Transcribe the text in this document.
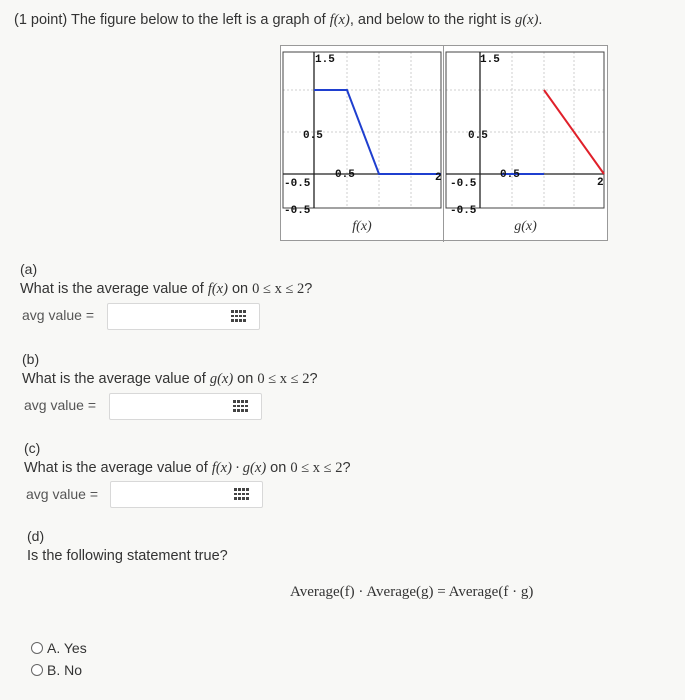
(1 point) The figure below to the left is a graph of f(x), and below to the right is g(x).
1.5
0.5
0.5
-0.5
-0.5
f(x)
1.5
0.5
0.5
-0.5
-0.5
2
g(x)
2
(a)
What is the average value of f(x) on 0 ≤ x ≤ 2?
avg value =
(b)
What is the average value of g(x) on 0 ≤ x ≤ 2?
avg value =
(c)
What is the average value of f(x) · g(x) on 0 ≤ x ≤ 2?
avg value =
(d)
Is the following statement true?
Average(f) · Average(g) = Average(f · g)
A. Yes
B. No
